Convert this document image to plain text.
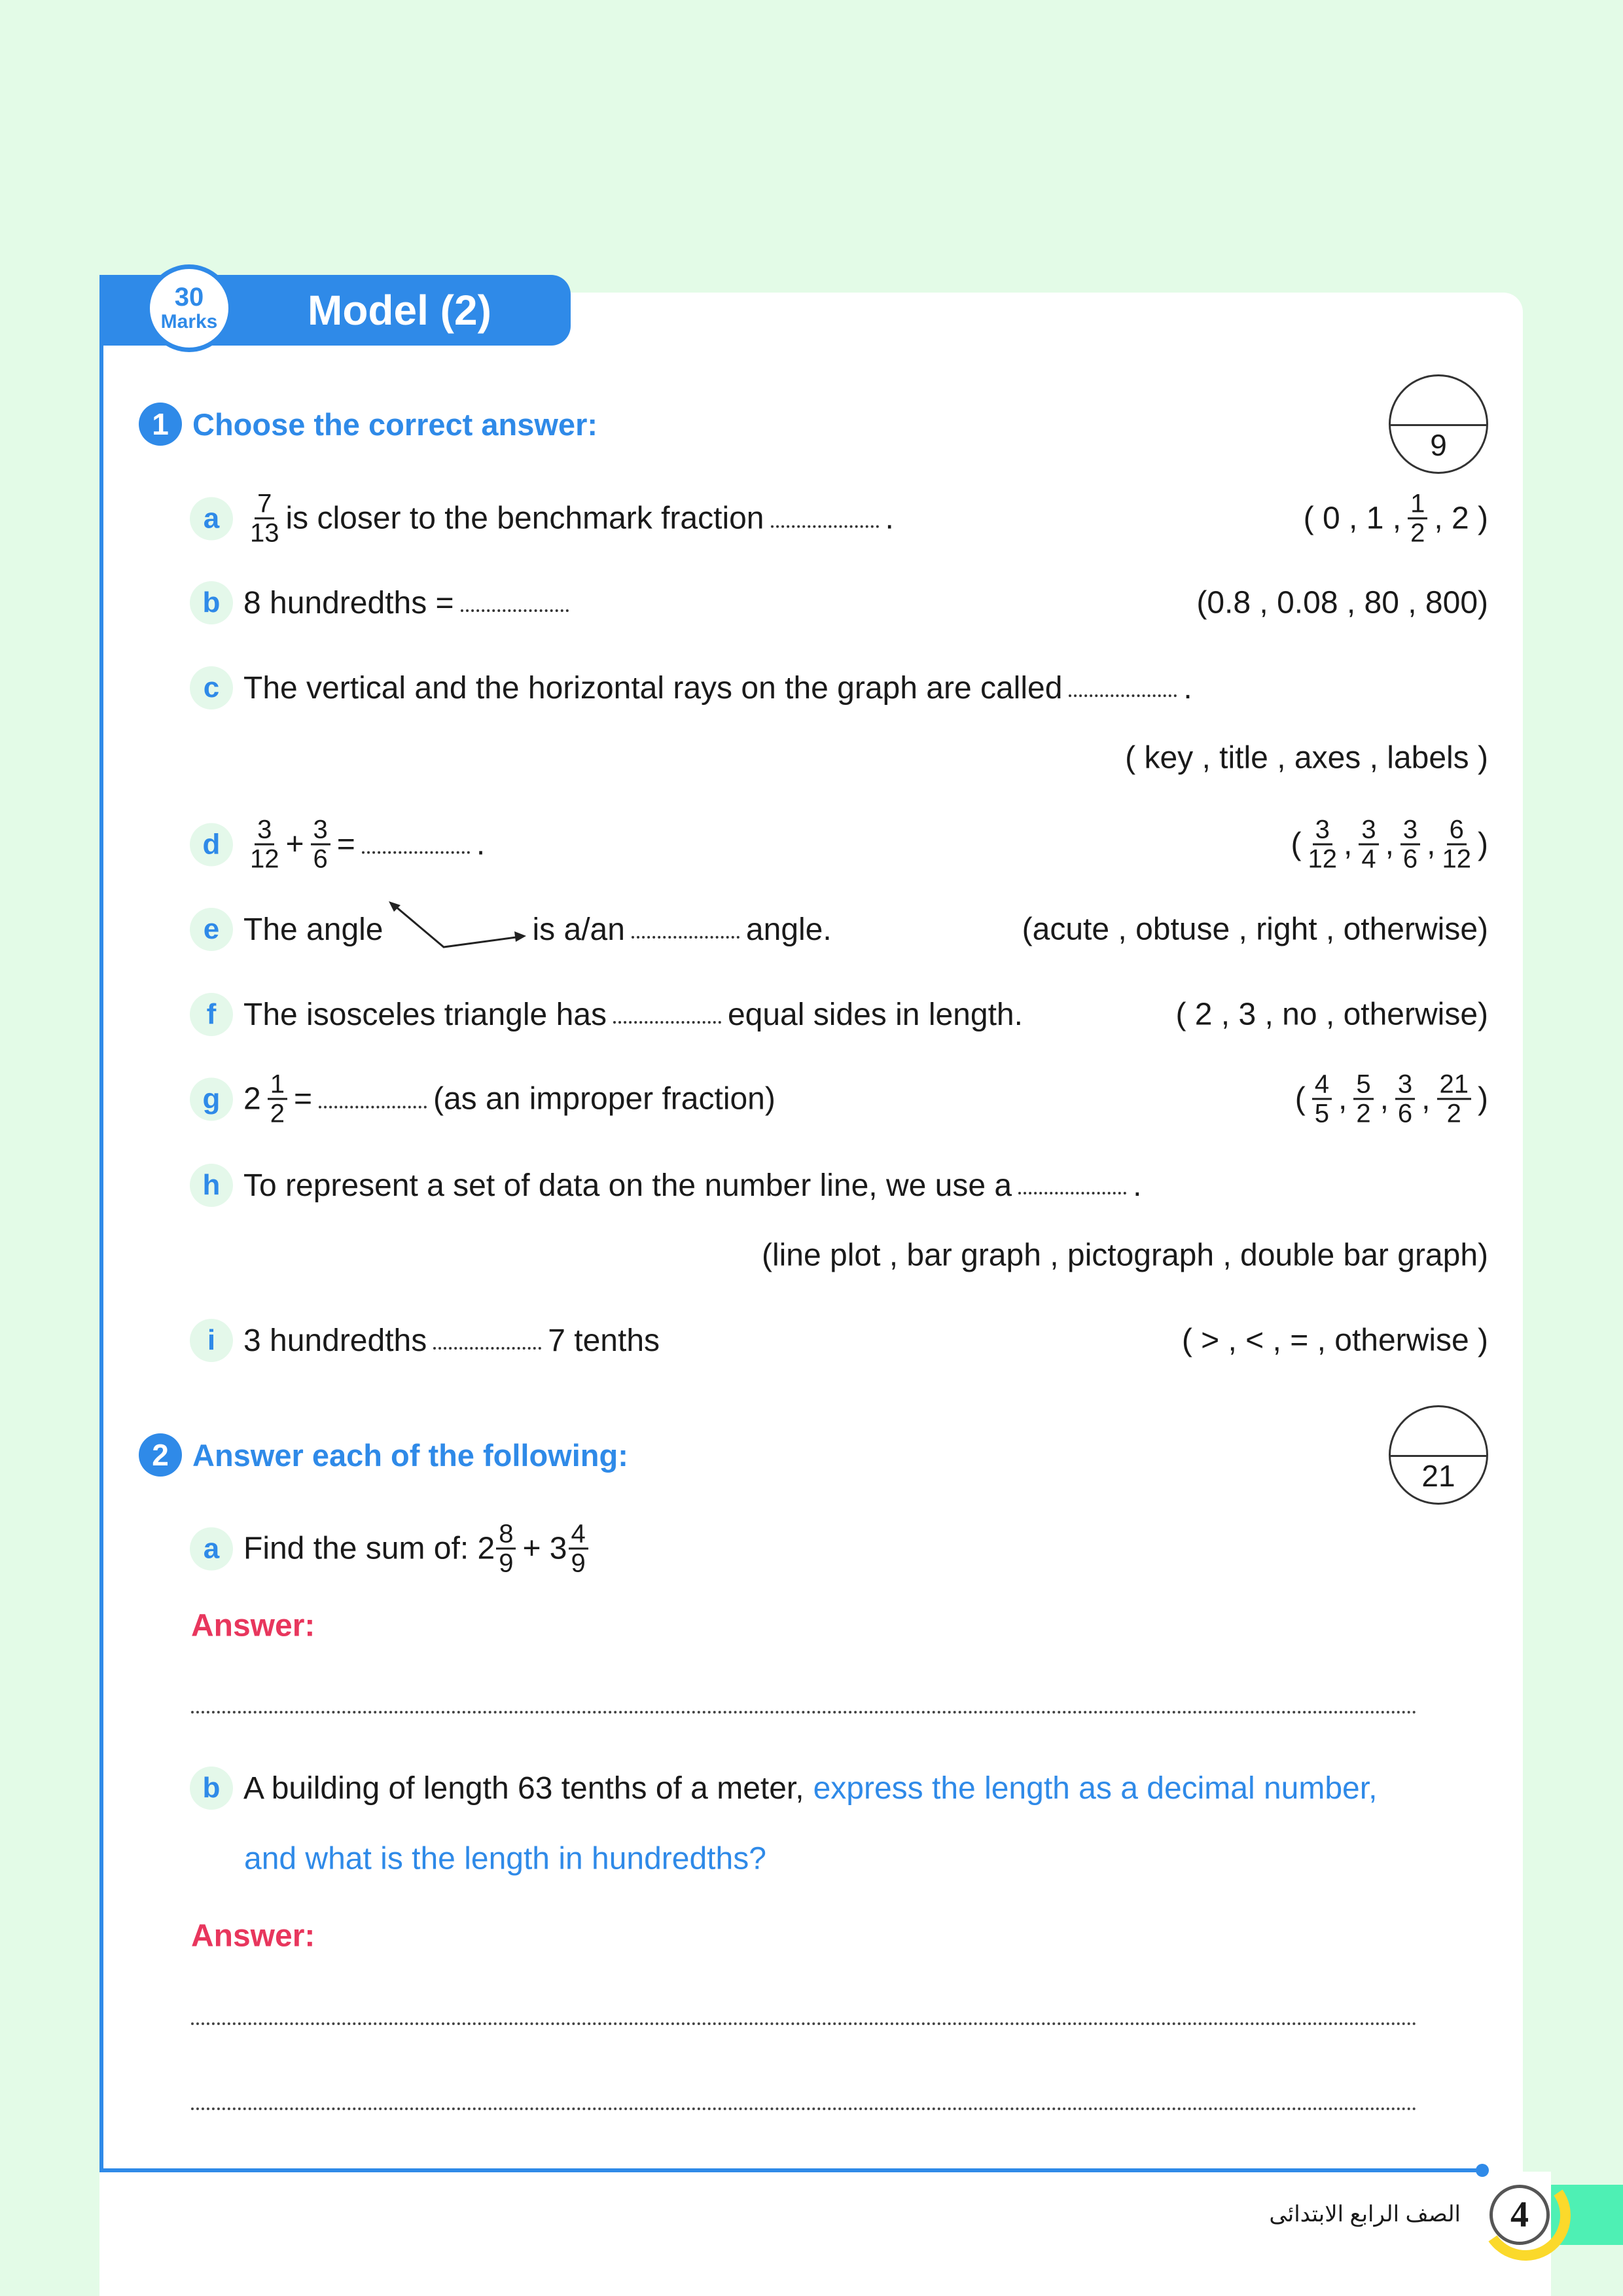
Model (2)
30
Marks
1 Choose the correct answer:
9
a	$\frac{7}{13}$ is closer to the benchmark fraction	.	( 0 , 1 , $\frac{1}{2}$ , 2 )
b 8 hundredths =	(0.8 , 0.08 , 80 , 800)
c The vertical and the horizontal rays on the graph are called	.
( key , title , axes , labels )
d	$\frac{3}{12} + \frac{3}{6}$ =	.	( $\frac{3}{12}$ , $\frac{3}{4}$ , $\frac{3}{6}$ , $\frac{6}{12}$ )
e The angle	is a/an	angle.	(acute , obtuse , right , otherwise)
f The isosceles triangle has	equal sides in length.	( 2 , 3 , no , otherwise)
g $2 \frac{1}{2}$ =	(as an improper fraction)	( $\frac{4}{5}$ , $\frac{5}{2}$ , $\frac{3}{6}$ , $\frac{21}{2}$ )
h To represent a set of data on the number line, we use a	.
(line plot , bar graph , pictograph , double bar graph)
i 3 hundredths	7 tenths	( > , < , = , otherwise )
2 Answer each of the following:
21
a Find the sum of: $2 \frac{8}{9} + 3 \frac{4}{9}$
Answer:
b A building of length 63 tenths of a meter, express the length as a decimal number,
and what is the length in hundredths?
Answer:
الصف الرابع الابتدائى	4
